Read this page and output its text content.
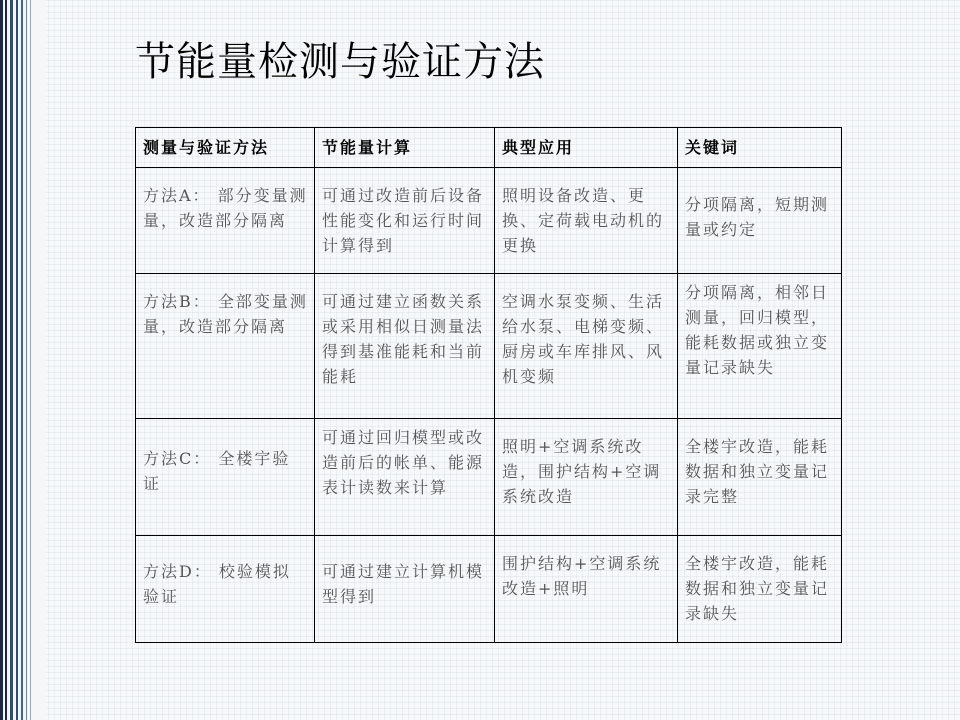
节能量检测与验证方法
测量与验证方法	节能量计算	典型应用	关键词
方法A： 部分变量测量，改造部分隔离	可通过改造前后设备性能变化和运行时间计算得到	照明设备改造、更换、定荷载电动机的更换	分项隔离，短期测量或约定
方法B： 全部变量测量，改造部分隔离	可通过建立函数关系或采用相似日测量法得到基准能耗和当前能耗	空调水泵变频、生活给水泵、电梯变频、厨房或车库排风、风机变频	分项隔离，相邻日测量，回归模型，能耗数据或独立变量记录缺失
方法C： 全楼宇验证	可通过回归模型或改造前后的帐单、能源表计读数来计算	照明+空调系统改造，围护结构+空调系统改造	全楼宇改造，能耗数据和独立变量记录完整
方法D： 校验模拟验证	可通过建立计算机模型得到	围护结构+空调系统改造+照明	全楼宇改造，能耗数据和独立变量记录缺失
